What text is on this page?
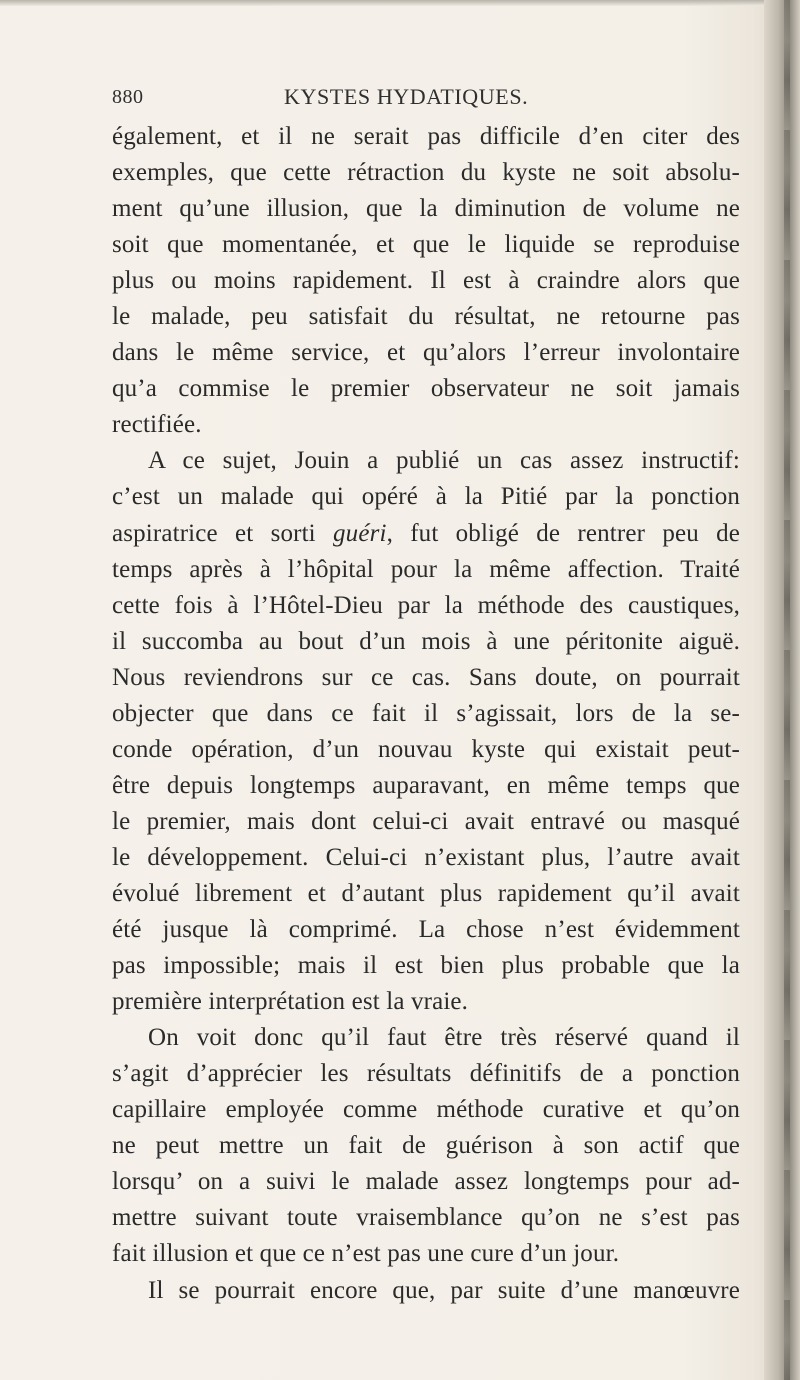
880	KYSTES HYDATIQUES.
également, et il ne serait pas difficile d’en citer des
exemples, que cette rétraction du kyste ne soit absolu-
ment qu’une illusion, que la diminution de volume ne
soit que momentanée, et que le liquide se reproduise
plus ou moins rapidement. Il est à craindre alors que
le malade, peu satisfait du résultat, ne retourne pas
dans le même service, et qu’alors l’erreur involontaire
qu’a commise le premier observateur ne soit jamais
rectifiée.
A ce sujet, Jouin a publié un cas assez instructif:
c’est un malade qui opéré à la Pitié par la ponction
aspiratrice et sorti guéri, fut obligé de rentrer peu de
temps après à l’hôpital pour la même affection. Traité
cette fois à l’Hôtel-Dieu par la méthode des caustiques,
il succomba au bout d’un mois à une péritonite aiguë.
Nous reviendrons sur ce cas. Sans doute, on pourrait
objecter que dans ce fait il s’agissait, lors de la se-
conde opération, d’un nouvau kyste qui existait peut-
être depuis longtemps auparavant, en même temps que
le premier, mais dont celui-ci avait entravé ou masqué
le développement. Celui-ci n’existant plus, l’autre avait
évolué librement et d’autant plus rapidement qu’il avait
été jusque là comprimé. La chose n’est évidemment
pas impossible; mais il est bien plus probable que la
première interprétation est la vraie.
On voit donc qu’il faut être très réservé quand il
s’agit d’apprécier les résultats définitifs de a ponction
capillaire employée comme méthode curative et qu’on
ne peut mettre un fait de guérison à son actif que
lorsqu’ on a suivi le malade assez longtemps pour ad-
mettre suivant toute vraisemblance qu’on ne s’est pas
fait illusion et que ce n’est pas une cure d’un jour.
Il se pourrait encore que, par suite d’une manœuvre
